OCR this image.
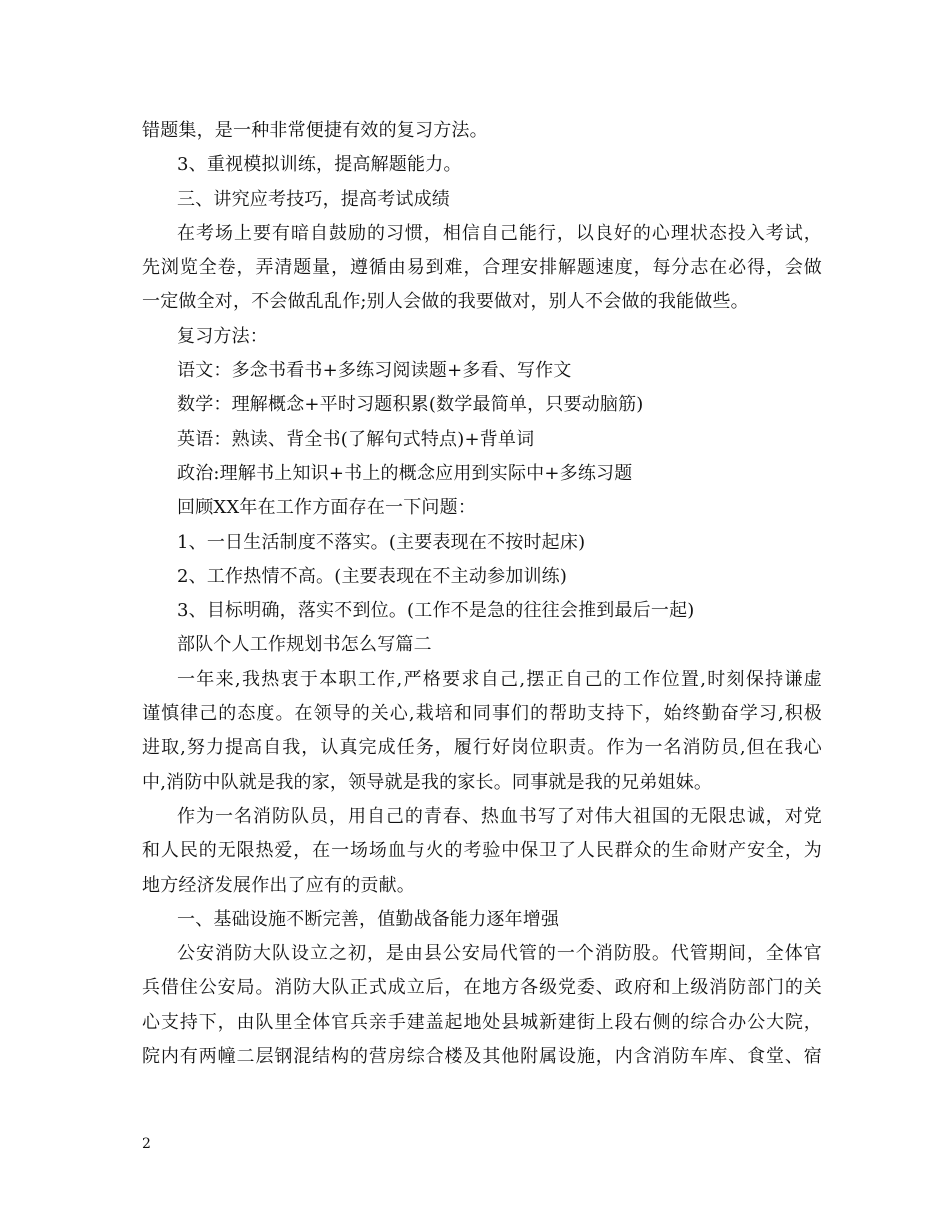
错题集，是一种非常便捷有效的复习方法。
3、重视模拟训练，提高解题能力。
三、讲究应考技巧，提高考试成绩
在考场上要有暗自鼓励的习惯，相信自己能行，以良好的心理状态投入考试，
先浏览全卷，弄清题量，遵循由易到难，合理安排解题速度，每分志在必得，会做
一定做全对，不会做乱乱作;别人会做的我要做对，别人不会做的我能做些。
复习方法：
语文：多念书看书+多练习阅读题+多看、写作文
数学：理解概念+平时习题积累(数学最简单，只要动脑筋)
英语：熟读、背全书(了解句式特点)+背单词
政治:理解书上知识+书上的概念应用到实际中+多练习题
回顾XX年在工作方面存在一下问题：
1、一日生活制度不落实。(主要表现在不按时起床)
2、工作热情不高。(主要表现在不主动参加训练)
3、目标明确，落实不到位。(工作不是急的往往会推到最后一起)
部队个人工作规划书怎么写篇二
一年来,我热衷于本职工作,严格要求自己,摆正自己的工作位置,时刻保持谦虚
谨慎律己的态度。在领导的关心,栽培和同事们的帮助支持下，始终勤奋学习,积极
进取,努力提高自我，认真完成任务，履行好岗位职责。作为一名消防员,但在我心
中,消防中队就是我的家，领导就是我的家长。同事就是我的兄弟姐妹。
作为一名消防队员，用自己的青春、热血书写了对伟大祖国的无限忠诚，对党
和人民的无限热爱，在一场场血与火的考验中保卫了人民群众的生命财产安全，为
地方经济发展作出了应有的贡献。
一、基础设施不断完善，值勤战备能力逐年增强
公安消防大队设立之初，是由县公安局代管的一个消防股。代管期间，全体官
兵借住公安局。消防大队正式成立后，在地方各级党委、政府和上级消防部门的关
心支持下，由队里全体官兵亲手建盖起地处县城新建街上段右侧的综合办公大院，
院内有两幢二层钢混结构的营房综合楼及其他附属设施，内含消防车库、食堂、宿
2
